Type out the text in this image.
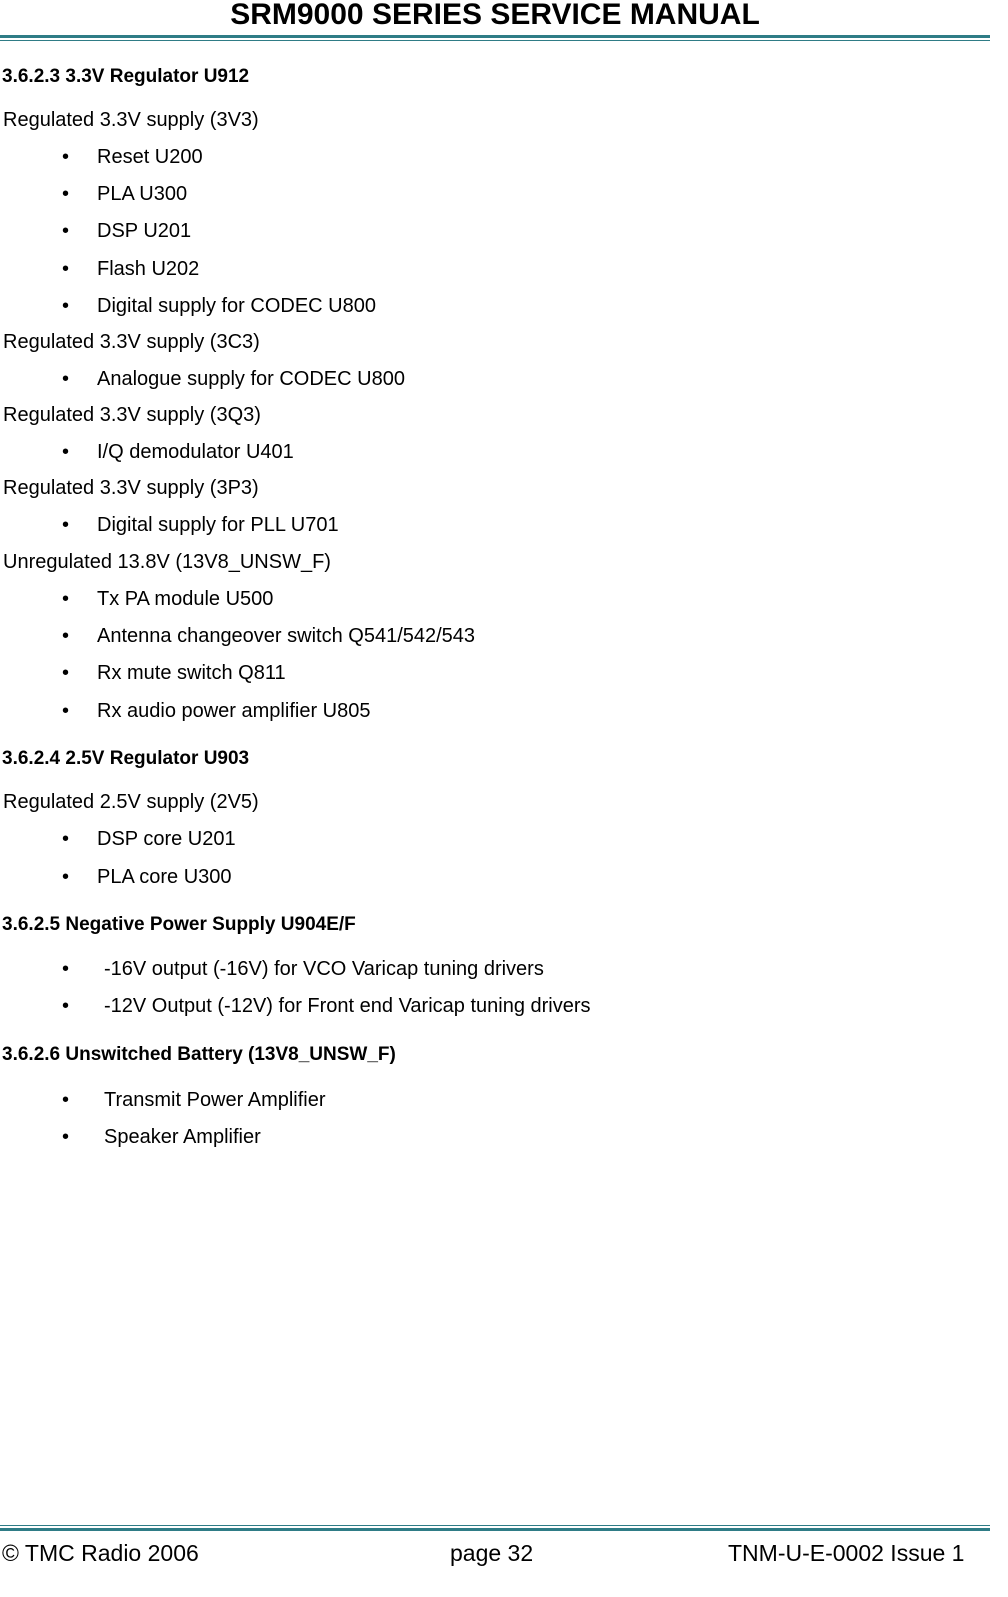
SRM9000 SERIES SERVICE MANUAL
3.6.2.3 3.3V Regulator U912
Regulated 3.3V supply (3V3)
• Reset U200
• PLA U300
• DSP U201
• Flash U202
• Digital supply for CODEC U800
Regulated 3.3V supply (3C3)
• Analogue supply for CODEC U800
Regulated 3.3V supply (3Q3)
• I/Q demodulator U401
Regulated 3.3V supply (3P3)
• Digital supply for PLL U701
Unregulated 13.8V (13V8_UNSW_F)
• Tx PA module U500
• Antenna changeover switch Q541/542/543
• Rx mute switch Q811
• Rx audio power amplifier U805
3.6.2.4 2.5V Regulator U903
Regulated 2.5V supply (2V5)
• DSP core U201
• PLA core U300
3.6.2.5 Negative Power Supply U904E/F
• -16V output (-16V) for VCO Varicap tuning drivers
• -12V Output (-12V) for Front end Varicap tuning drivers
3.6.2.6 Unswitched Battery (13V8_UNSW_F)
• Transmit Power Amplifier
• Speaker Amplifier
© TMC Radio 2006	page 32	TNM-U-E-0002 Issue 1
